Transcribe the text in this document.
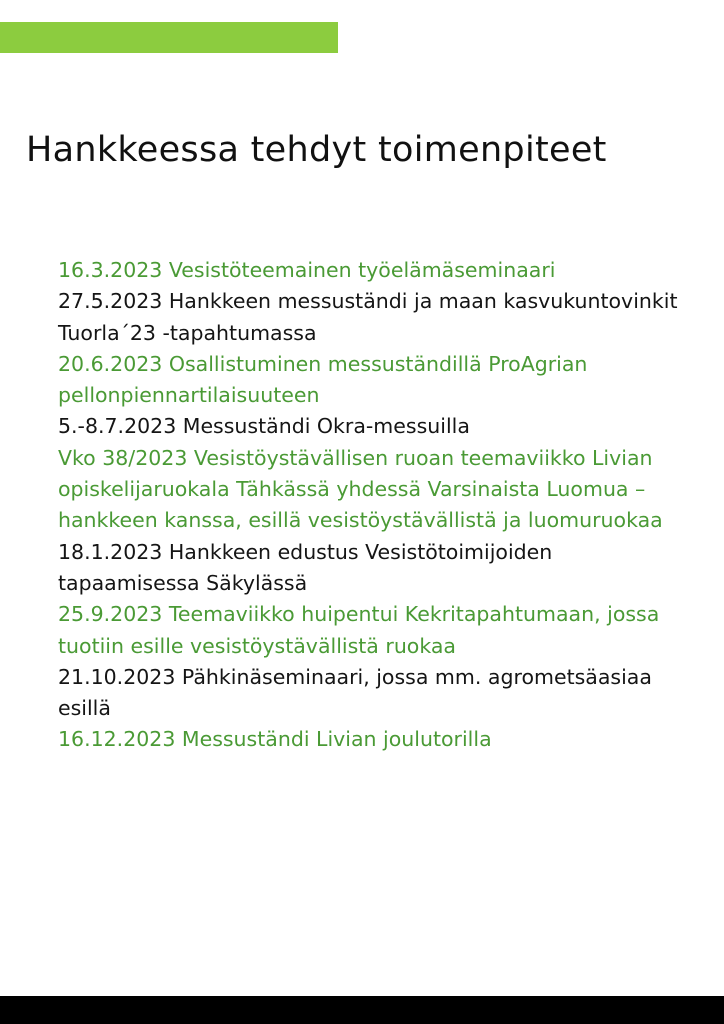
Hankkeessa tehdyt toimenpiteet
16.3.2023 Vesistöteemainen työelämäseminaari
27.5.2023 Hankkeen messuständi ja maan kasvukuntovinkit Tuorla´23 -tapahtumassa
20.6.2023 Osallistuminen messuständillä ProAgrian pellonpiennartilaisuuteen
5.-8.7.2023 Messuständi Okra-messuilla
Vko 38/2023 Vesistöystävällisen ruoan teemaviikko Livian opiskelijaruokala Tähkässä yhdessä Varsinaista Luomua –hankkeen kanssa, esillä vesistöystävällistä ja luomuruokaa
18.1.2023 Hankkeen edustus Vesistötoimijoiden tapaamisessa Säkylässä
25.9.2023 Teemaviikko huipentui Kekritapahtumaan, jossa tuotiin esille vesistöystävällistä ruokaa
21.10.2023 Pähkinäseminaari, jossa mm. agrometsäasiaa esillä
16.12.2023 Messuständi Livian joulutorilla
